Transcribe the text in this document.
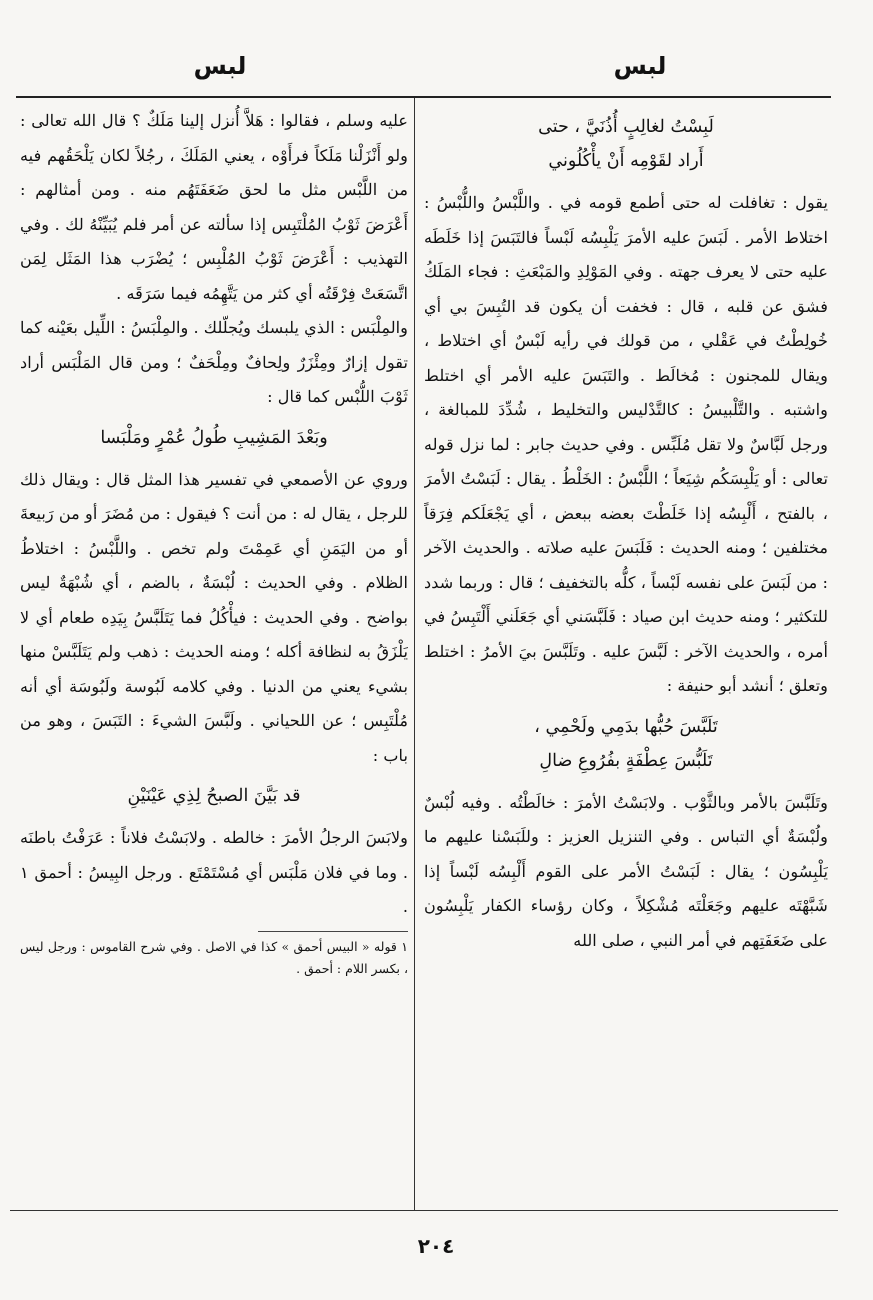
لبس	لبس
لَبِسْتُ لغالِبٍ أُذُنَيَّ ، حتى
أَراد لقَوْمِه أَنْ يأْكُلُوني

يقول : تغافلت له حتى أطمع قومه في . واللَّبْسُ واللُّبْسُ : اختلاط الأمر . لَبَسَ عليه الأمرَ يَلْبِسُه لَبْساً فالتَبَسَ إذا خَلَطَه عليه حتى لا يعرف جهته . وفي المَوْلِدِ والمَبْعَثِ : فجاء المَلَكُ فشق عن قلبه ، قال : فخفت أن يكون قد التُبِسَ بي أي خُولِطْتُ في عَقْلي ، من قولك في رأيه لَبْسٌ أي اختلاط ، ويقال للمجنون : مُخالَط . والتَبَسَ عليه الأمر أي اختلط واشتبه . والتَّلْبيسُ : كالتَّدْليس والتخليط ، شُدِّدَ للمبالغة ، ورجل لَبَّاسٌ ولا تقل مُلَبِّس . وفي حديث جابر : لما نزل قوله تعالى : أو يَلْبِسَكُم شِيَعاً ؛ اللَّبْسُ : الخَلْطُ . يقال : لَبَسْتُ الأمرَ ، بالفتح ، أَلْبِسُه إذا خَلَطْتَ بعضه ببعض ، أي يَجْعَلَكم فِرَقاً مختلفين ؛ ومنه الحديث : فَلَبَسَ عليه صلاته . والحديث الآخر : من لَبَسَ على نفسه لَبْساً ، كلُّه بالتخفيف ؛ قال : وربما شدد للتكثير ؛ ومنه حديث ابن صياد : فَلَبَّسَني أي جَعَلَني أَلْتَبِسُ في أمره ، والحديث الآخر : لَبَّسَ عليه . وتَلَبَّسَ بيَ الأمرُ : اختلط وتعلق ؛ أنشد أبو حنيفة :

تَلَبَّسَ حُبُّها بدَمِي ولَحْمِي ،
تَلَبُّسَ عِطْفَةٍ بفُرُوعِ ضالِ

وتَلَبَّسَ بالأمر وبالثَّوْب . ولابَسْتُ الأمرَ : خالَطْتُه . وفيه لُبْسٌ ولُبْسَةٌ أي التباس . وفي التنزيل العزيز : وللَبَسْنا عليهم ما يَلْبِسُون ؛ يقال : لَبَسْتُ الأمر على القوم أَلْبِسُه لَبْساً إذا شَبَّهْتَه عليهم وجَعَلْتَه مُشْكِلاً ، وكان رؤساء الكفار يَلْبِسُون على ضَعَفَتِهم في أمر النبي ، صلى الله

عليه وسلم ، فقالوا : هَلاَّ أُنزل إلينا مَلَكٌ ؟ قال الله تعالى : ولو أَنْزَلْنا مَلَكاً فرأَوْه ، يعني المَلَكَ ، رجُلاً لكان يَلْحَقُهم فيه من اللَّبْس مثل ما لحق ضَعَفَتَهُم منه . ومن أمثالهم : أَعْرَضَ ثَوْبُ المُلْتَبِس إذا سألته عن أمر فلم يُبَيِّنْهُ لك . وفي التهذيب : أَعْرَضَ ثَوْبُ المُلْبِس ؛ يُضْرَب هذا المَثَل لِمَن اتَّسَعَتْ فِرْقَتُه أي كثر من يَتَّهِمُه فيما سَرَقَه .

والمِلْبَس : الذي يلبسك ويُجلّلك . والمِلْبَسُ : اللِّيل بعَيْنه كما تقول إزارٌ ومِئْزَرٌ ولِحافٌ ومِلْحَفٌ ؛ ومن قال المَلْبَس أراد ثَوْبَ اللُّبْس كما قال :

وبَعْدَ المَشِيبِ طُولُ عُمْرٍ ومَلْبَسا

وروي عن الأصمعي في تفسير هذا المثل قال : ويقال ذلك للرجل ، يقال له : من أنت ؟ فيقول : من مُضَرَ أو من رَبيعةَ أو من اليَمَنِ أي عَمِمْتَ ولم تخص . واللَّبْسُ : اختلاطُ الظلام . وفي الحديث : لُبْسَةٌ ، بالضم ، أي شُبْهَةٌ ليس بواضح . وفي الحديث : فيأْكُلُ فما يَتَلَبَّسُ بِيَدِه طعام أي لا يَلْزَقُ به لنظافة أكله ؛ ومنه الحديث : ذهب ولم يَتَلَبَّسْ منها بشيء يعني من الدنيا . وفي كلامه لَبُوسة ولَبُوسَة أي أنه مُلْتَبِس ؛ عن اللحياني . ولَبَّسَ الشيءَ : التَبَسَ ، وهو من باب :

قد بَيَّنَ الصبحُ لِذِي عَيْنَيْنِ

ولابَسَ الرجلُ الأمرَ : خالطه . ولابَسْتُ فلاناً : عَرَفْتُ باطنَه . وما في فلان مَلْبَس أي مُسْتَمْتَع . ورجل البِيسُ : أحمق ١ .

١ قوله « البيس أحمق » كذا في الاصل . وفي شرح القاموس : ورجل ليس ، بكسر اللام : أحمق .

٢٠٤
